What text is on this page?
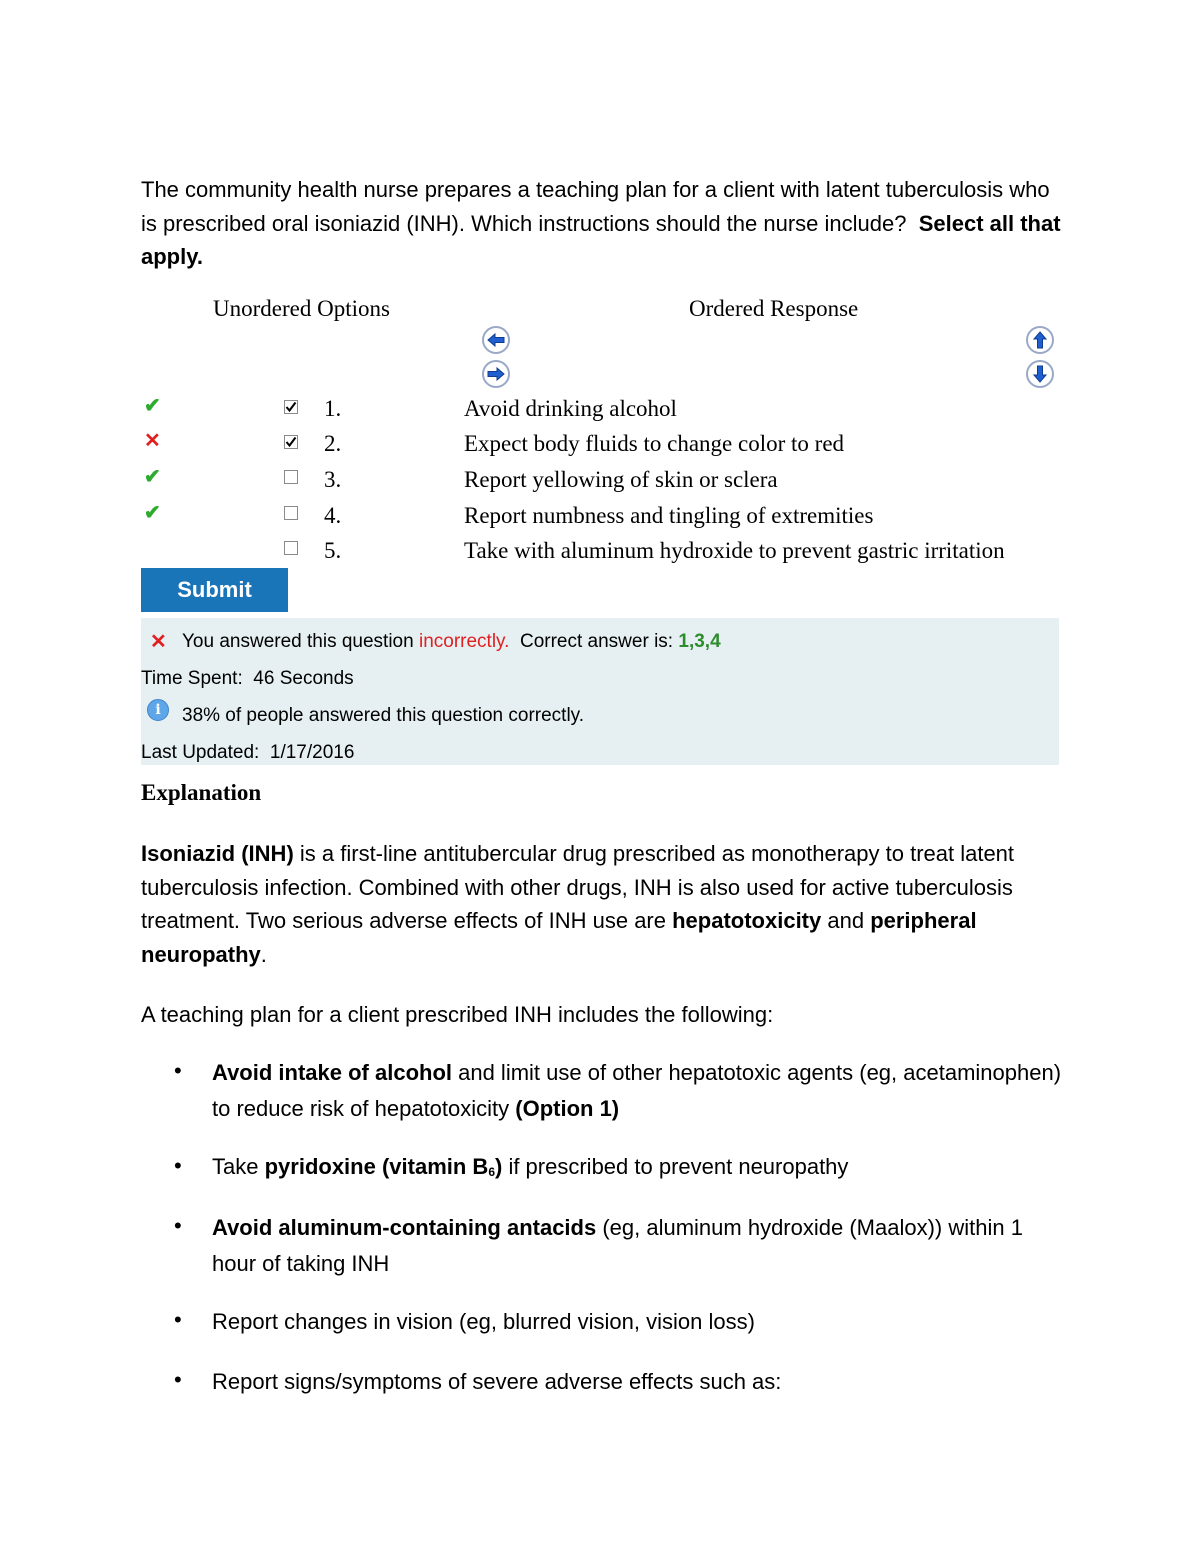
The community health nurse prepares a teaching plan for a client with latent tuberculosis who is prescribed oral isoniazid (INH). Which instructions should the nurse include? Select all that apply.
Unordered Options	Ordered Response
✔	1.	Avoid drinking alcohol
✕	2.	Expect body fluids to change color to red
✔	3.	Report yellowing of skin or sclera
✔	4.	Report numbness and tingling of extremities
5.	Take with aluminum hydroxide to prevent gastric irritation
Submit
✕ You answered this question incorrectly. Correct answer is: 1,3,4
Time Spent: 46 Seconds
i	38% of people answered this question correctly.
Last Updated: 1/17/2016
Explanation
Isoniazid (INH) is a first-line antitubercular drug prescribed as monotherapy to treat latent tuberculosis infection. Combined with other drugs, INH is also used for active tuberculosis treatment. Two serious adverse effects of INH use are hepatotoxicity and peripheral neuropathy.
A teaching plan for a client prescribed INH includes the following:
• Avoid intake of alcohol and limit use of other hepatotoxic agents (eg, acetaminophen) to reduce risk of hepatotoxicity (Option 1)
• Take pyridoxine (vitamin $B_6$) if prescribed to prevent neuropathy
• Avoid aluminum-containing antacids (eg, aluminum hydroxide (Maalox)) within 1 hour of taking INH
• Report changes in vision (eg, blurred vision, vision loss)
• Report signs/symptoms of severe adverse effects such as:
